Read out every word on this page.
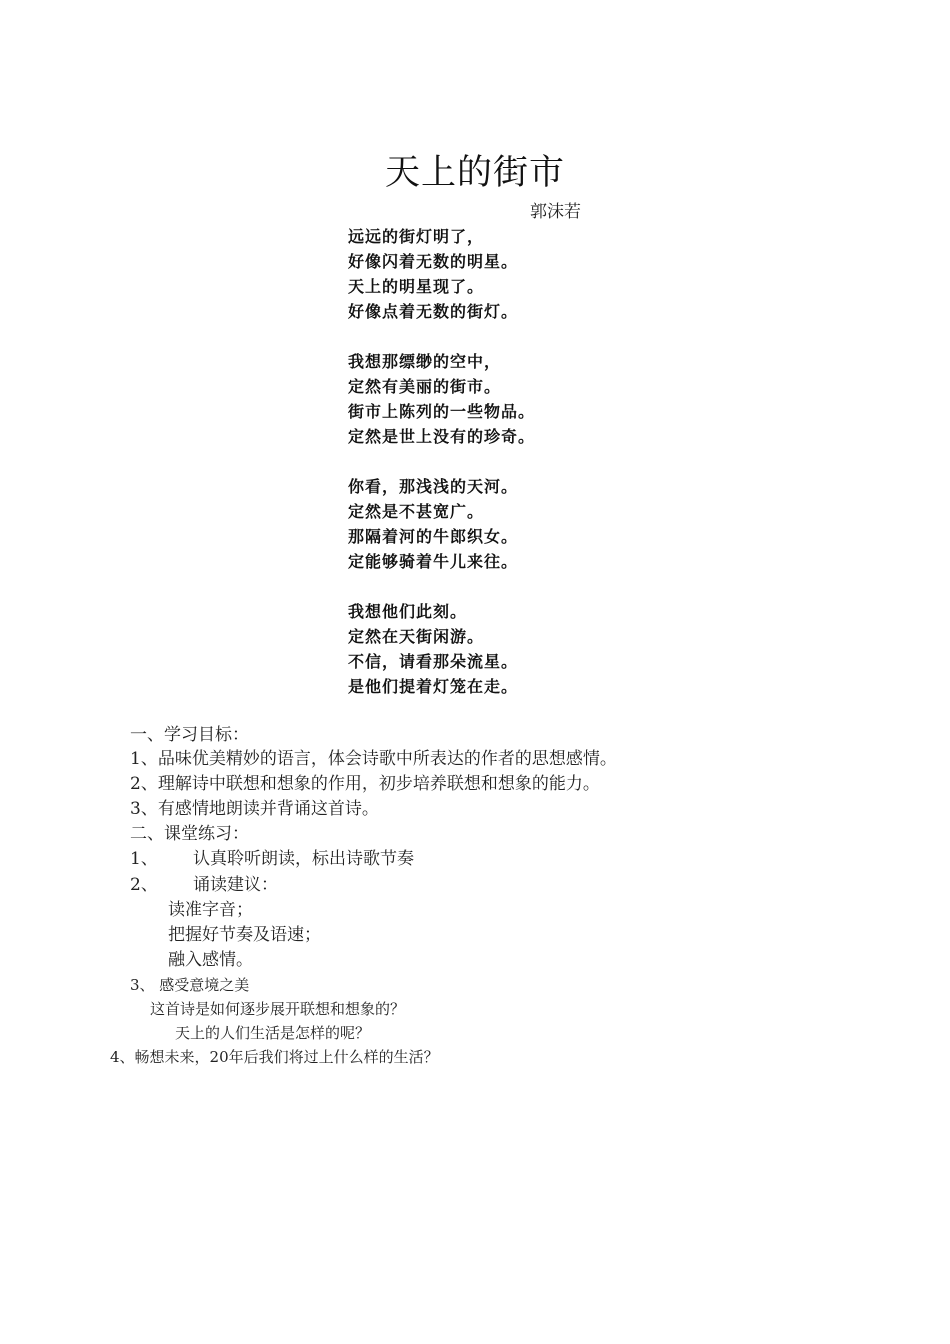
天上的街市
郭沫若
远远的街灯明了，
好像闪着无数的明星。
天上的明星现了。
好像点着无数的街灯。
我想那缥缈的空中，
定然有美丽的街市。
街市上陈列的一些物品。
定然是世上没有的珍奇。
你看，那浅浅的天河。
定然是不甚宽广。
那隔着河的牛郎织女。
定能够骑着牛儿来往。
我想他们此刻。
定然在天街闲游。
不信，请看那朵流星。
是他们提着灯笼在走。
一、学习目标：
1、品味优美精妙的语言，体会诗歌中所表达的作者的思想感情。
2、理解诗中联想和想象的作用，初步培养联想和想象的能力。
3、有感情地朗读并背诵这首诗。
二、课堂练习：
1、 认真聆听朗读，标出诗歌节奏
2、 诵读建议：
读准字音；
把握好节奏及语速；
融入感情。
3、 感受意境之美
这首诗是如何逐步展开联想和想象的？
天上的人们生活是怎样的呢？
4、畅想未来，20年后我们将过上什么样的生活？
